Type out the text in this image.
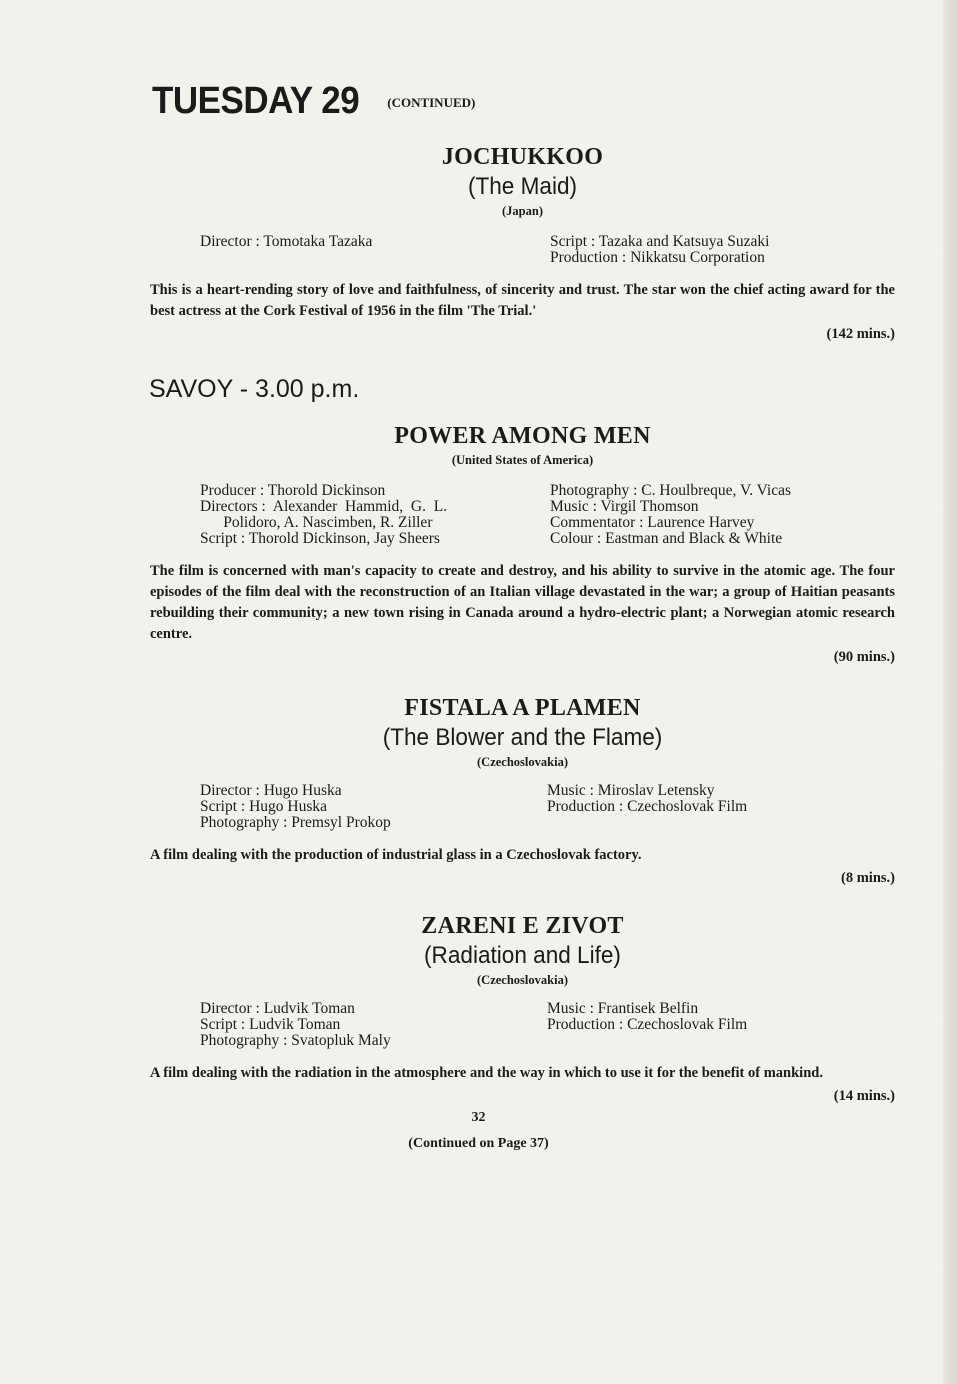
TUESDAY 29 $^{(CONTINUED)}$
JOCHUKKOO
(The Maid)
(Japan)
Director : Tomotaka Tazaka	Script : Tazaka and Katsuya Suzaki
Production : Nikkatsu Corporation
This is a heart-rending story of love and faithfulness, of sincerity and trust. The star won the chief acting award for the best actress at the Cork Festival of 1956 in the film 'The Trial.'
(142 mins.)
SAVOY - 3.00 p.m.
POWER AMONG MEN
(United States of America)
Producer : Thorold Dickinson
Directors :  Alexander  Hammid,  G.  L.
Polidoro, A. Nascimben, R. Ziller
Script : Thorold Dickinson, Jay Sheers
Photography : C. Houlbreque, V. Vicas
Music : Virgil Thomson
Commentator : Laurence Harvey
Colour : Eastman and Black & White
The film is concerned with man's capacity to create and destroy, and his ability to survive in the atomic age. The four episodes of the film deal with the reconstruction of an Italian village devastated in the war; a group of Haitian peasants rebuilding their community; a new town rising in Canada around a hydro-electric plant; a Norwegian atomic research centre.
(90 mins.)
FISTALA A PLAMEN
(The Blower and the Flame)
(Czechoslovakia)
Director : Hugo Huska
Script : Hugo Huska
Photography : Premsyl Prokop
Music : Miroslav Letensky
Production : Czechoslovak Film
A film dealing with the production of industrial glass in a Czechoslovak factory.
(8 mins.)
ZARENI E ZIVOT
(Radiation and Life)
(Czechoslovakia)
Director : Ludvik Toman
Script : Ludvik Toman
Photography : Svatopluk Maly
Music : Frantisek Belfin
Production : Czechoslovak Film
A film dealing with the radiation in the atmosphere and the way in which to use it for the benefit of mankind.
(14 mins.)
32
(Continued on Page 37)
